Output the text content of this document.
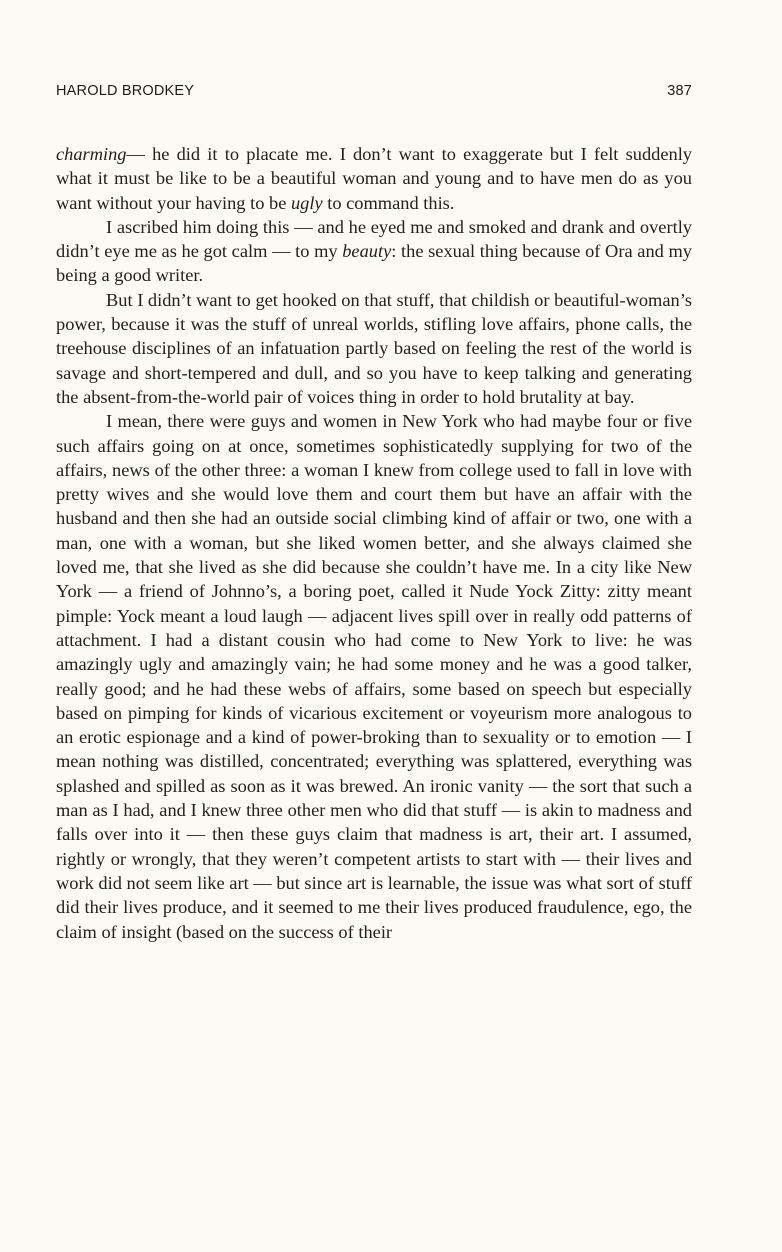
HAROLD BRODKEY	387

charming— he did it to placate me. I don’t want to exaggerate but I felt suddenly what it must be like to be a beautiful woman and young and to have men do as you want without your having to be ugly to command this.

I ascribed him doing this — and he eyed me and smoked and drank and overtly didn’t eye me as he got calm — to my beauty: the sexual thing because of Ora and my being a good writer.

But I didn’t want to get hooked on that stuff, that childish or beautiful-woman’s power, because it was the stuff of unreal worlds, stifling love affairs, phone calls, the treehouse disciplines of an infatuation partly based on feeling the rest of the world is savage and short-tempered and dull, and so you have to keep talking and generating the absent-from-the-world pair of voices thing in order to hold brutality at bay.

I mean, there were guys and women in New York who had maybe four or five such affairs going on at once, sometimes sophisticatedly supplying for two of the affairs, news of the other three: a woman I knew from college used to fall in love with pretty wives and she would love them and court them but have an affair with the husband and then she had an outside social climbing kind of affair or two, one with a man, one with a woman, but she liked women better, and she always claimed she loved me, that she lived as she did because she couldn’t have me. In a city like New York — a friend of Johnno’s, a boring poet, called it Nude Yock Zitty: zitty meant pimple: Yock meant a loud laugh — adjacent lives spill over in really odd patterns of attachment. I had a distant cousin who had come to New York to live: he was amazingly ugly and amazingly vain; he had some money and he was a good talker, really good; and he had these webs of affairs, some based on speech but especially based on pimping for kinds of vicarious excitement or voyeurism more analogous to an erotic espionage and a kind of power-broking than to sexuality or to emotion — I mean nothing was distilled, concentrated; everything was splattered, everything was splashed and spilled as soon as it was brewed. An ironic vanity — the sort that such a man as I had, and I knew three other men who did that stuff — is akin to madness and falls over into it — then these guys claim that madness is art, their art. I assumed, rightly or wrongly, that they weren’t competent artists to start with — their lives and work did not seem like art — but since art is learnable, the issue was what sort of stuff did their lives produce, and it seemed to me their lives produced fraudulence, ego, the claim of insight (based on the success of their
